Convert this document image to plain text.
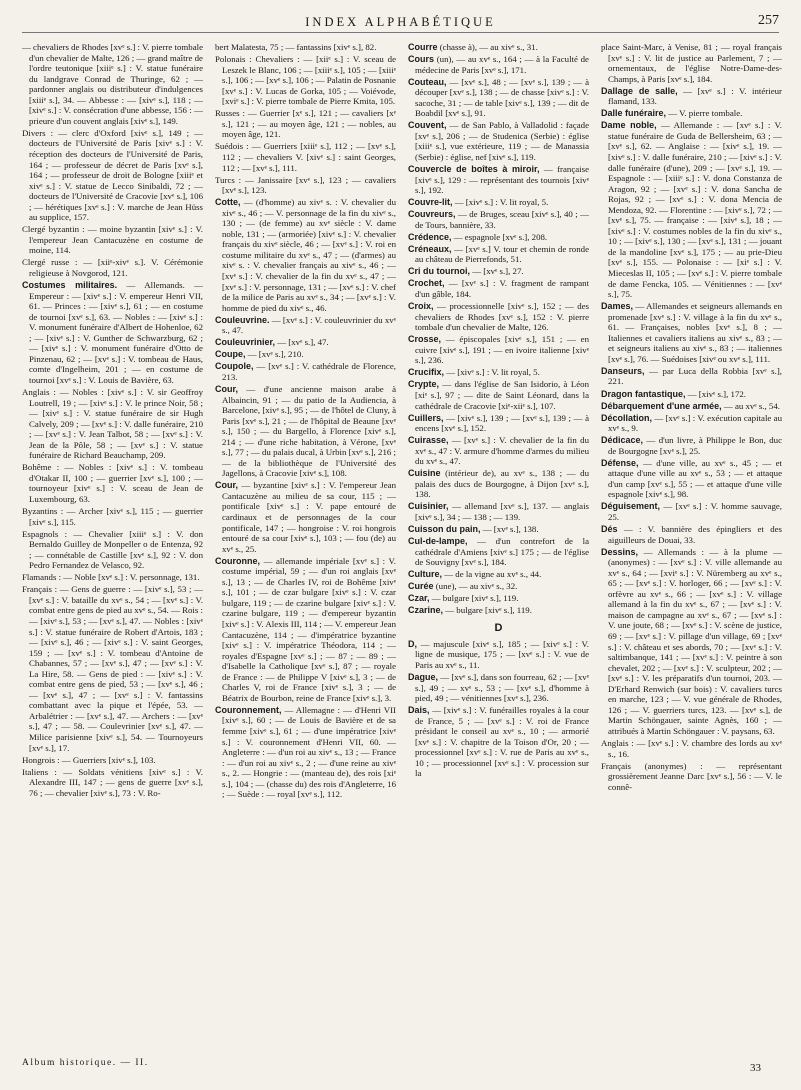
INDEX ALPHABÉTIQUE	257

— chevaliers de Rhodes [xvᵉ s.] : V. pierre tombale d'un chevalier de Malte, 126 ; — grand maître de l'ordre teutonique [xiiiᵉ s.] : V. statue funéraire du landgrave Conrad de Thuringe, 62 ; — pardonner anglais ou distributeur d'indulgences [xiiiᵉ s.], 34. — Abbesse : — [xivᵉ s.], 118 ; — [xivᵉ s.] : V. consécration d'une abbesse, 156 : — prieure d'un couvent anglais [xivᵉ s.], 149.

Divers : — clerc d'Oxford [xivᵉ s.], 149 ; — docteurs de l'Université de Paris [xivᵉ s.] : V. réception des docteurs de l'Université de Paris, 164 ; — professeur de décret de Paris [xvᵉ s.], 164 ; — professeur de droit de Bologne [xiiiᵉ et xivᵉ s.] : V. statue de Lecco Sinibaldi, 72 ; — docteurs de l'Université de Cracovie [xvᵉ s.], 106 ; — hérétiques [xvᵉ s.] : V. marche de Jean Hüss au supplice, 157.

Clergé byzantin : — moine byzantin [xivᵉ s.] : V. l'empereur Jean Cantacuzène en costume de moine, 114.

Clergé russe : — [xiiᵉ-xivᵉ s.]. V. Cérémonie religieuse à Novgorod, 121.

Costumes militaires. — Allemands. — Empereur : — [xivᵉ s.] : V. empereur Henri VII, 61. — Princes : — [xivᵉ s.], 61 ; — en costume de tournoi [xvᵉ s.], 63. — Nobles : — [xivᵉ s.] : V. monument funéraire d'Albert de Hohenloe, 62 ; — [xivᵉ s.] : V. Gunther de Schwarzburg, 62 ; — [xivᵉ s.] : V. monument funéraire d'Otto de Pinzenau, 62 ; — [xvᵉ s.] : V. tombeau de Haus, comte d'Ingelheim, 201 ; — en costume de tournoi [xvᵉ s.] : V. Louis de Bavière, 63.

Anglais : — Nobles : [xivᵉ s.] : V. sir Geoffroy Loutrell, 19 ; — [xivᵉ s.] : V. le prince Noir, 58 ; — [xivᵉ s.] : V. statue funéraire de sir Hugh Calvely, 209 ; — [xvᵉ s.] : V. dalle funéraire, 210 ; — [xvᵉ s.] : V. Jean Talbot, 58 ; — [xvᵉ s.] : V. Jean de la Pôle, 58 ; — [xvᵉ s.] : V. statue funéraire de Richard Beauchamp, 209.

Bohême : — Nobles : [xivᵉ s.] : V. tombeau d'Otakar II, 100 ; — guerrier [xvᵉ s.], 100 ; — tournoyeur [xivᵉ s.] : V. sceau de Jean de Luxembourg, 63.

Byzantins : — Archer [xivᵉ s.], 115 ; — guerrier [xivᵉ s.], 115.

Espagnols : — Chevalier [xiiiᵉ s.] : V. don Bernaldo Guilley de Monpeller o de Entenza, 92 ; — connétable de Castille [xvᵉ s.], 92 : V. don Pedro Fernandez de Velasco, 92.

Flamands : — Noble [xvᵉ s.] : V. personnage, 131.

Français : — Gens de guerre : — [xivᵉ s.], 53 ; — [xvᵉ s.] : V. bataille du xvᵉ s., 54 ; — [xvᵉ s.] : V. combat entre gens de pied au xvᵉ s., 54. — Rois : — [xivᵉ s.], 53 ; — [xvᵉ s.], 47. — Nobles : [xivᵉ s.] : V. statue funéraire de Robert d'Artois, 183 ; — [xivᵉ s.], 46 ; — [xivᵉ s.] : V. saint Georges, 159 ; — [xvᵉ s.] : V. tombeau d'Antoine de Chabannes, 57 ; — [xvᵉ s.], 47 ; — [xvᵉ s.] : V. La Hire, 58. — Gens de pied : — [xivᵉ s.] : V. combat entre gens de pied, 53 ; — [xvᵉ s.], 46 ; — [xvᵉ s.], 47 ; — [xvᵉ s.] : V. fantassins combattant avec la pique et l'épée, 53. — Arbalétrier : — [xvᵉ s.], 47. — Archers : — [xvᵉ s.], 47 ; — 58. — Coulevrinier [xvᵉ s.], 47. — Milice parisienne [xivᵉ s.], 54. — Tournoyeurs [xvᵉ s.], 17.

Hongrois : — Guerriers [xivᵉ s.], 103.

Italiens : — Soldats vénitiens [xivᵉ s.] : V. Alexandre III, 147 ; — gens de guerre [xvᵉ s.], 76 ; — chevalier [xivᵉ s.], 73 : V. Ro-

bert Malatesta, 75 ; — fantassins [xivᵉ s.], 82.

Polonais : Chevaliers : — [xiiᵉ s.] : V. sceau de Leszek le Blanc, 106 ; — [xiiiᵉ s.], 105 ; — [xiiiᵉ s.], 106 ; — [xvᵉ s.], 106 ; — Palatin de Posnanie [xvᵉ s.] : V. Lucas de Gorka, 105 ; — Voiévode, [xviᵉ s.] : V. pierre tombale de Pierre Kmita, 105.

Russes : — Guerrier [xᵉ s.], 121 ; — cavaliers [xᵉ s.], 121 ; — au moyen âge, 121 ; — nobles, au moyen âge, 121.

Suédois : — Guerriers [xiiiᵉ s.], 112 ; — [xvᵉ s.], 112 ; — chevaliers V. [xivᵉ s.] : saint Georges, 112 ; — [xvᵉ s.], 111.

Turcs : — Janissaire [xvᵉ s.], 123 ; — cavaliers [xvᵉ s.], 123.

Cotte, — (d'homme) au xivᵉ s. : V. chevalier du xivᵉ s., 46 ; — V. personnage de la fin du xivᵉ s., 130 ; — (de femme) au xvᵉ siècle : V. dame noble, 131 ; — (armoriée) [xivᵉ s.] : V. chevalier français du xivᵉ siècle, 46 ; — [xvᵉ s.] : V. roi en costume militaire du xvᵉ s., 47 ; — (d'armes) au xivᵉ s. : V. chevalier français au xivᵉ s., 46 ; — [xvᵉ s.] : V. chevalier de la fin du xvᵉ s., 47 ; — [xvᵉ s.] : V. personnage, 131 ; — [xvᵉ s.] : V. chef de la milice de Paris au xvᵉ s., 34 ; — [xvᵉ s.] : V. homme de pied du xivᵉ s., 46.

Couleuvrine. — [xvᵉ s.] : V. couleuvrinier du xvᵉ s., 47.

Couleuvrinier, — [xvᵉ s.], 47.

Coupe, — [xvᵉ s.], 210.

Coupole, — [xvᵉ s.] : V. cathédrale de Florence, 213.

Cour, — d'une ancienne maison arabe à Albaincin, 91 ; — du patio de la Audiencia, à Barcelone, [xivᵉ s.], 95 ; — de l'hôtel de Cluny, à Paris [xvᵉ s.], 21 ; — de l'hôpital de Beaune [xvᵉ s.], 150 ; — du Bargello, à Florence [xivᵉ s.], 214 ; — d'une riche habitation, à Vérone, [xvᵉ s.], 77 ; — du palais ducal, à Urbin [xvᵉ s.], 216 ; — de la bibliothèque de l'Université des Jagellons, à Cracovie [xivᵉ s.], 108.

Cour, — byzantine [xivᵉ s.] : V. l'empereur Jean Cantacuzène au milieu de sa cour, 115 ; — pontificale [xivᵉ s.] : V. pape entouré de cardinaux et de personnages de la cour pontificale, 147 ; — hongroise : V. roi hongrois entouré de sa cour [xivᵉ s.], 103 ; — fou (de) au xvᵉ s., 25.

Couronne, — allemande impériale [xvᵉ s.] : V. costume impérial, 59 ; — d'un roi anglais [xvᵉ s.], 13 ; — de Charles IV, roi de Bohême [xivᵉ s.], 101 ; — de czar bulgare [xivᵉ s.] : V. czar bulgare, 119 ; — de czarine bulgare [xivᵉ s.] : V. czarine bulgare, 119 ; — d'empereur byzantin [xivᵉ s.] : V. Alexis III, 114 ; — V. empereur Jean Cantacuzène, 114 ; — d'impératrice byzantine [xivᵉ s.] : V. impératrice Théodora, 114 ; — royales d'Espagne [xvᵉ s.] ; — 87 ; — 89 ; — d'Isabelle la Catholique [xvᵉ s.], 87 ; — royale de France : — de Philippe V [xivᵉ s.], 3 ; — de Charles V, roi de France [xivᵉ s.], 3 ; — de Béatrix de Bourbon, reine de France [xivᵉ s.], 3.

Couronnement, — Allemagne : — d'Henri VII [xivᵉ s.], 60 ; — de Louis de Bavière et de sa femme [xivᵉ s.], 61 ; — d'une impératrice [xivᵉ s.] : V. couronnement d'Henri VII, 60. — Angleterre : — d'un roi au xivᵉ s., 13 ; — France : — d'un roi au xivᵉ s., 2 ; — d'une reine au xivᵉ s., 2. — Hongrie : — (manteau de), des rois [xiᵉ s.], 104 ; — (chasse du) des rois d'Angleterre, 16 ; — Suède : — royal [xvᵉ s.], 112.

Courre (chasse à), — au xivᵉ s., 31.

Cours (un), — au xvᵉ s., 164 ; — à la Faculté de médecine de Paris [xvᵉ s.], 171.

Couteau, — [xvᵉ s.], 48 ; — [xvᵉ s.], 139 ; — à découper [xvᵉ s.], 138 ; — de chasse [xivᵉ s.] : V. sacoche, 31 ; — de table [xivᵉ s.], 139 ; — dit de Boabdil [xvᵉ s.], 91.

Couvent, — de San Pablo, à Valladolid : façade [xvᵉ s.], 206 ; — de Studenica (Serbie) : église [xiiiᵉ s.], vue extérieure, 119 ; — de Manassia (Serbie) : église, nef [xivᵉ s.], 119.

Couvercle de boîtes à miroir, — française [xivᵉ s.], 129 : — représentant des tournois [xivᵉ s.], 192.

Couvre-lit, — [xivᵉ s.] : V. lit royal, 5.

Couvreurs, — de Bruges, sceau [xivᵉ s.], 40 ; — de Tours, bannière, 33.

Crédence, — espagnole [xvᵉ s.], 208.

Créneaux, — [xvᵉ s.] V. tour et chemin de ronde au château de Pierrefonds, 51.

Cri du tournoi, — [xvᵉ s.], 27.

Crochet, — [xvᵉ s.] : V. fragment de rampant d'un gâble, 184.

Croix, — processionnelle [xivᵉ s.], 152 ; — des chevaliers de Rhodes [xvᵉ s.], 152 : V. pierre tombale d'un chevalier de Malte, 126.

Crosse, — épiscopales [xivᵉ s.], 151 ; — en cuivre [xivᵉ s.], 191 ; — en ivoire italienne [xivᵉ s.], 236.

Crucifix, — [xivᵉ s.] : V. lit royal, 5.

Crypte, — dans l'église de San Isidorio, à Léon [xiᵉ s.], 97 ; — dite de Saint Léonard, dans la cathédrale de Cracovie [xiᵉ-xiiᵉ s.], 107.

Cuillers, — [xivᵉ s.], 139 ; — [xvᵉ s.], 139 ; — à encens [xvᵉ s.], 152.

Cuirasse, — [xvᵉ s.] : V. chevalier de la fin du xvᵉ s., 47 : V. armure d'homme d'armes du milieu du xvᵉ s., 47.

Cuisine (intérieur de), au xvᵉ s., 138 ; — du palais des ducs de Bourgogne, à Dijon [xvᵉ s.], 138.

Cuisinier, — allemand [xvᵉ s.], 137. — anglais [xivᵉ s.], 34 ; — 138 ; — 139.

Cuisson du pain, — [xvᵉ s.], 138.

Cul-de-lampe, — d'un contrefort de la cathédrale d'Amiens [xivᵉ s.] 175 ; — de l'église de Souvigny [xvᵉ s.], 184.

Culture, — de la vigne au xvᵉ s., 44.

Curée (une), — au xivᵉ s., 32.

Czar, — bulgare [xivᵉ s.], 119.

Czarine, — bulgare [xivᵉ s.], 119.

D

D, — majuscule [xivᵉ s.], 185 ; — [xivᵉ s.] : V. ligne de musique, 175 ; — [xvᵉ s.] : V. vue de Paris au xvᵉ s., 11.

Dague, — [xvᵉ s.], dans son fourreau, 62 ; — [xvᵉ s.], 49 ; — xvᵉ s., 53 ; — [xvᵉ s.], d'homme à pied, 49 ; — vénitiennes [xvᵉ s.], 236.

Dais, — [xivᵉ s.] : V. funérailles royales à la cour de France, 5 ; — [xvᵉ s.] : V. roi de France présidant le conseil au xvᵉ s., 10 ; — armorié [xvᵉ s.] : V. chapitre de la Toison d'Or, 20 ; — processionnel [xvᵉ s.] : V. rue de Paris au xvᵉ s., 10 ; — processionnel [xvᵉ s.] : V. procession sur la

place Saint-Marc, à Venise, 81 ; — royal français [xvᵉ s.] : V. lit de justice au Parlement, 7 ; — ornementaux, de l'église Notre-Dame-des-Champs, à Paris [xvᵉ s.], 184.

Dallage de salle, — [xvᵉ s.] : V. intérieur flamand, 133.

Dalle funéraire, — V. pierre tombale.

Dame noble, — Allemande : — [xvᵉ s.] : V. statue funéraire de Guda de Bellersheim, 63 ; — [xvᵉ s.], 62. — Anglaise : — [xivᵉ s.], 19. — [xivᵉ s.] : V. dalle funéraire, 210 ; — [xivᵉ s.] : V. dalle funéraire (d'une), 209 ; — [xvᵉ s.], 19. — Espagnole : — [xiiiᵉ s.] : V. dona Constanza de Aragon, 92 ; — [xvᵉ s.] : V. dona Sancha de Rojas, 92 ; — [xvᵉ s.] : V. dona Mencia de Mendoza, 92. — Florentine : — [xivᵉ s.], 72 ; — [xvᵉ s.], 75. — française : — [xivᵉ s.], 18 ; — [xivᵉ s.] : V. costumes nobles de la fin du xivᵉ s., 10 ; — [xivᵉ s.], 130 ; — [xvᵉ s.], 131 ; — jouant de la mandoline [xvᵉ s.], 175 ; — au prie-Dieu [xvᵉ s.], 155. — Polonaise : — [xiᵉ s.] : V. Mieceslas II, 105 ; — [xvᵉ s.] : V. pierre tombale de dame Fencka, 105. — Vénitiennes : — [xvᵉ s.], 75.

Dames, — Allemandes et seigneurs allemands en promenade [xvᵉ s.] : V. village à la fin du xvᵉ s., 61. — Françaises, nobles [xvᵉ s.], 8 ; — Italiennes et cavaliers italiens au xivᵉ s., 83 ; — et seigneurs italiens au xivᵉ s., 83 ; — italiennes [xvᵉ s.], 76. — Suédoises [xivᵉ ou xvᵉ s.], 111.

Danseurs, — par Luca della Robbia [xvᵉ s.], 221.

Dragon fantastique, — [xivᵉ s.], 172.

Débarquement d'une armée, — au xvᵉ s., 54.

Décollation, — [xvᵉ s.] : V. exécution capitale au xvᵉ s., 9.

Dédicace, — d'un livre, à Philippe le Bon, duc de Bourgogne [xvᵉ s.], 25.

Défense, — d'une ville, au xvᵉ s., 45 ; — et attaque d'une ville au xvᵉ s., 53 ; — et attaque d'un camp [xvᵉ s.], 55 ; — et attaque d'une ville espagnole [xivᵉ s.], 98.

Déguisement, — [xvᵉ s.] : V. homme sauvage, 25.

Dés — : V. bannière des épingliers et des aiguilleurs de Douai, 33.

Dessins, — Allemands : — à la plume — (anonymes) : — [xvᵉ s.] : V. ville allemande au xvᵉ s., 64 ; — [xviᵉ s.] : V. Nüremberg au xvᵉ s., 65 ; — [xvᵉ s.] : V. horloger, 66 ; — [xvᵉ s.] : V. orfèvre au xvᵉ s., 66 ; — [xvᵉ s.] : V. village allemand à la fin du xvᵉ s., 67 ; — [xvᵉ s.] : V. maison de campagne au xvᵉ s., 67 ; — [xvᵉ s.] : V. une joute, 68 ; — [xvᵉ s.] : V. scène de justice, 69 ; — [xvᵉ s.] : V. pillage d'un village, 69 ; [xvᵉ s.] : V. château et ses abords, 70 ; — [xvᵉ s.] : V. saltimbanque, 141 ; — [xvᵉ s.] : V. peintre à son chevalet, 202 ; — [xvᵉ s.] : V. sculpteur, 202 ; — [xvᵉ s.] : V. les préparatifs d'un tournoi, 203. — D'Erhard Renwich (sur bois) : V. cavaliers turcs en marche, 123 ; — V. vue générale de Rhodes, 126 ; — V. guerriers turcs, 123. — [xvᵉ s.], de Martin Schöngauer, sainte Agnès, 160 ; — attribués à Martin Schöngauer : V. paysans, 63.

Anglais : — [xvᵉ s.] : V. chambre des lords au xvᵉ s., 16.

Français (anonymes) : — représentant grossièrement Jeanne Darc [xvᵉ s.], 56 : — V. le connê-

Album historique. — II.	33
